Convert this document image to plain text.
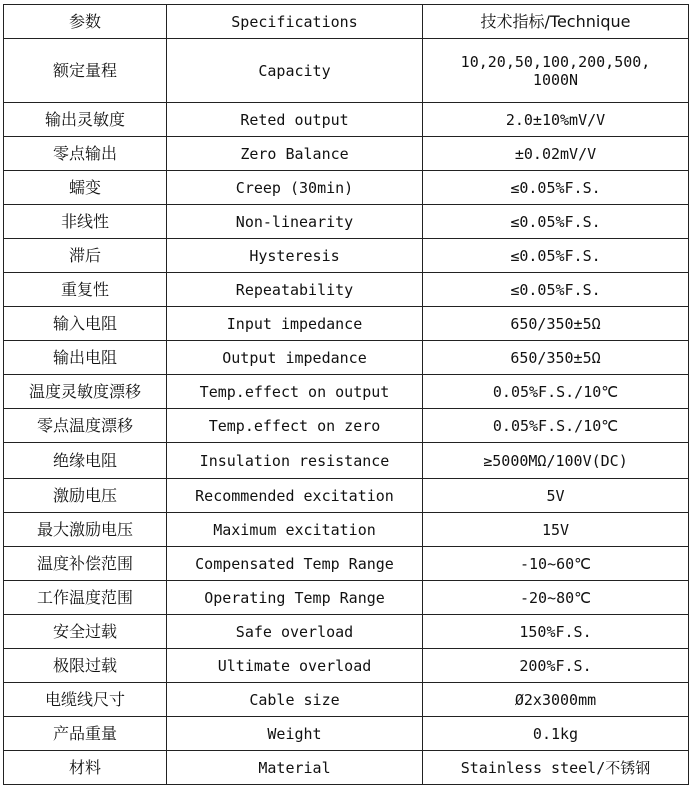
参数	Specifications	技术指标/Technique
额定量程	Capacity	10,20,50,100,200,500,
1000N
输出灵敏度	Reted output	2.0±10%mV/V
零点输出	Zero Balance	±0.02mV/V
蠕变	Creep (30min)	≤0.05%F.S.
非线性	Non-linearity	≤0.05%F.S.
滞后	Hysteresis	≤0.05%F.S.
重复性	Repeatability	≤0.05%F.S.
输入电阻	Input impedance	650/350±5Ω
输出电阻	Output impedance	650/350±5Ω
温度灵敏度漂移	Temp.effect on output	0.05%F.S./10℃
零点温度漂移	Temp.effect on zero	0.05%F.S./10℃
绝缘电阻	Insulation resistance	≥5000MΩ/100V(DC)
激励电压	Recommended excitation	5V
最大激励电压	Maximum excitation	15V
温度补偿范围	Compensated Temp Range	-10~60℃
工作温度范围	Operating Temp Range	-20~80℃
安全过载	Safe overload	150%F.S.
极限过载	Ultimate overload	200%F.S.
电缆线尺寸	Cable size	Ø2x3000mm
产品重量	Weight	0.1kg
材料	Material	Stainless steel/不锈钢
